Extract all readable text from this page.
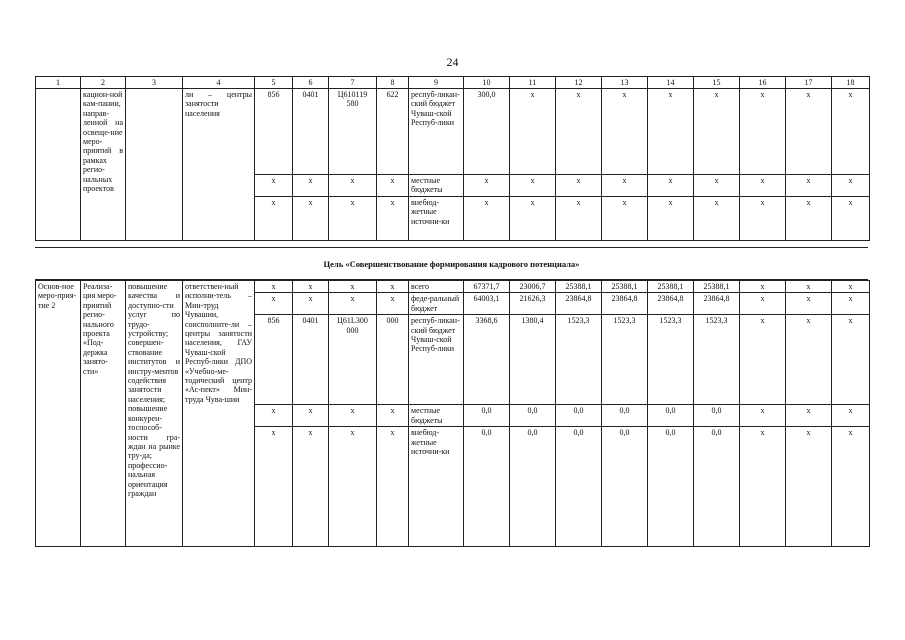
24
1	2	3	4	5	6	7	8	9	10	11	12	13	14	15	16	17	18
	кацион-ной кам-пании, направ-ленной на освеще-ние меро-приятий в рамках регио-нальных проектов		ли – центры занятости населения	856	0401	Ц610119 580	622	респуб-ликан-ский бюджет Чуваш-ской Респуб-лики	300,0	x	x	x	x	x	x	x	x
				x	x	x	x	местные бюджеты	x	x	x	x	x	x	x	x	x
				x	x	x	x	внебюд-жетные источни-ки	x	x	x	x	x	x	x	x	x
Цель «Совершенствование формирования кадрового потенциала»
Основ-ное меро-прия-тие 2	Реализа-ция меро-приятий регио-нального проекта «Под-держка занято-сти»	повышение качества и доступно-сти услуг по трудо-устройству; совершен-ствование институтов и инстру-ментов содействия занятости населения; повышение конкурен-тоспособ-ности гра-ждан на рынке тру-да; профессио-нальная ориентация граждан	ответствен-ный исполни-тель – Мин-труд Чувашии, соисполните-ли – центры занятости населения, ГАУ Чуваш-ской Респуб-лики ДПО «Учебно-ме-тодический центр «Ас-пект» Мин-труда Чува-шии	x	x	x	x	всего	67371,7	23006,7	25388,1	25388,1	25388,1	25388,1	x	x	x
				x	x	x	x	феде-ральный бюджет	64003,1	21626,3	23864,8	23864,8	23864,8	23864,8	x	x	x
				856	0401	Ц61L300 000	000	респуб-ликан-ский бюджет Чуваш-ской Респуб-лики	3368,6	1380,4	1523,3	1523,3	1523,3	1523,3	x	x	x
				x	x	x	x	местные бюджеты	0,0	0,0	0,0	0,0	0,0	0,0	x	x	x
				x	x	x	x	внебюд-жетные источни-ки	0,0	0,0	0,0	0,0	0,0	0,0	x	x	x
